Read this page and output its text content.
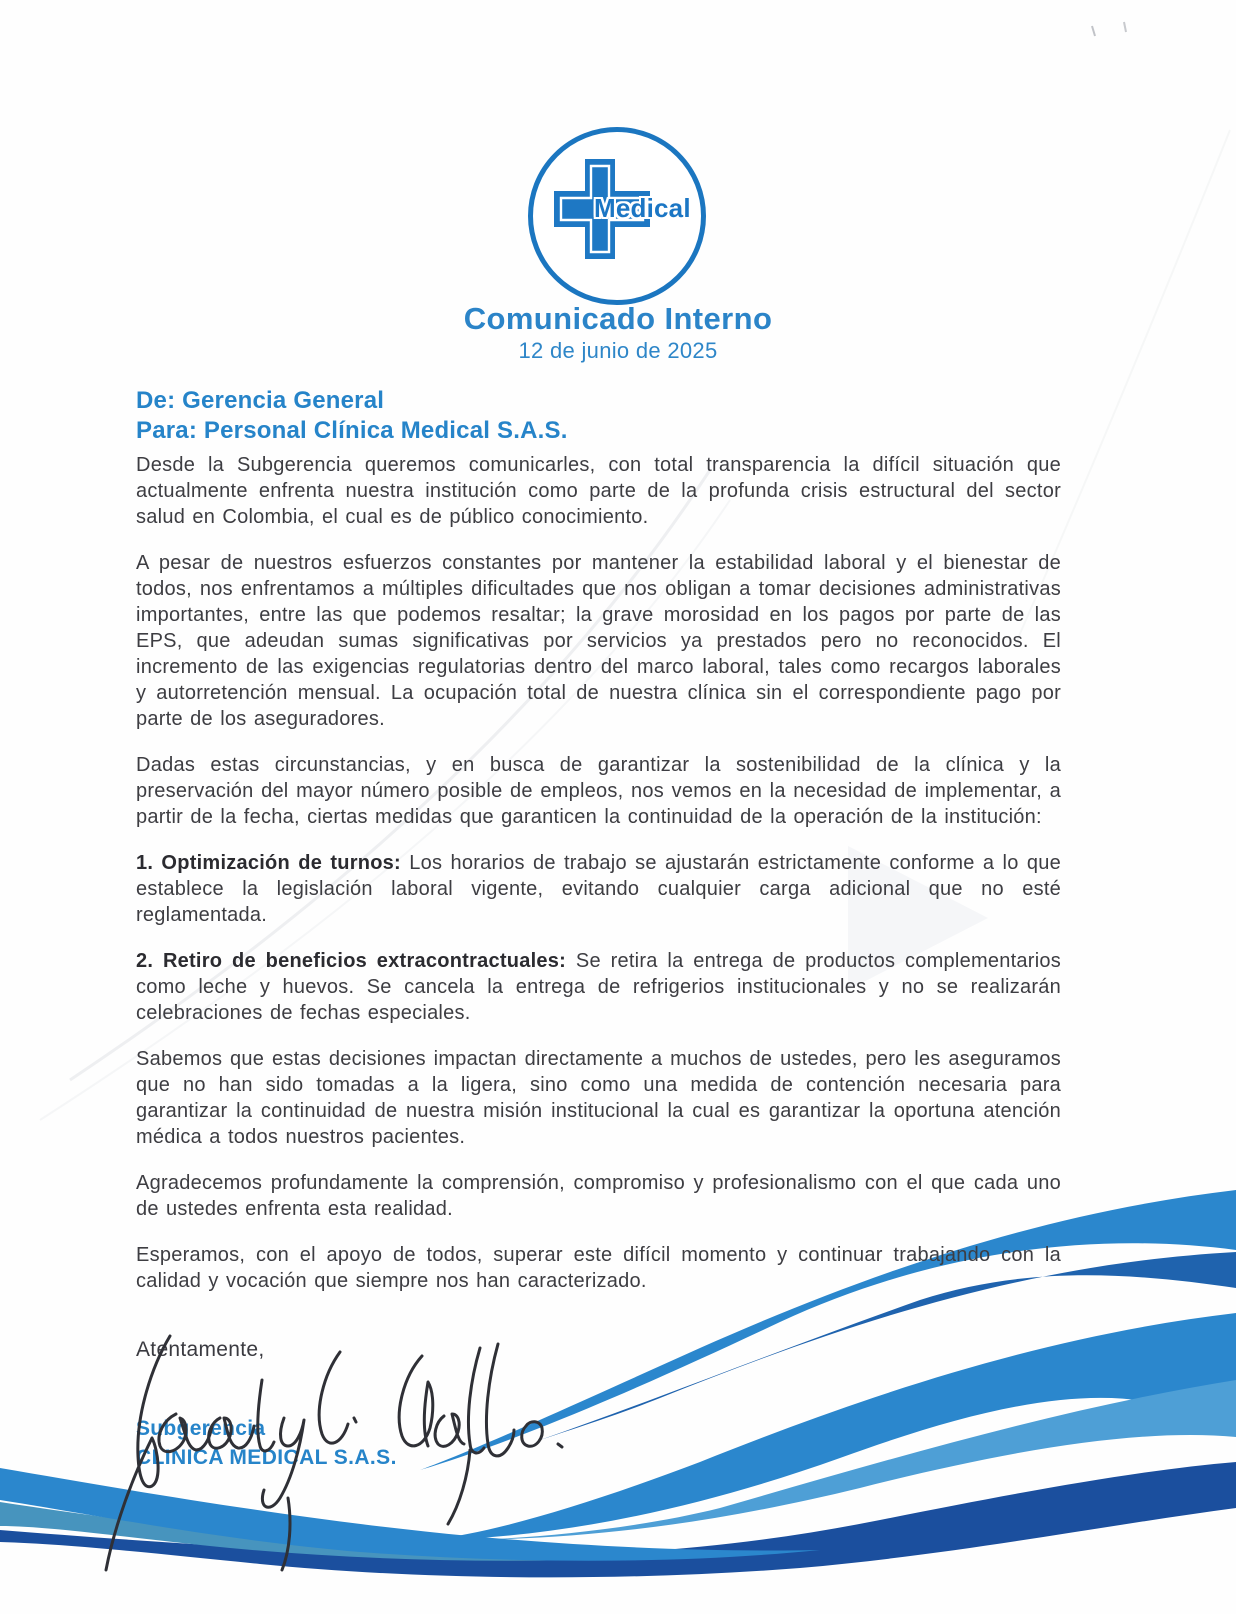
Medical
Comunicado Interno
12 de junio de 2025
De: Gerencia General
Para: Personal Clínica Medical S.A.S.

Desde la Subgerencia queremos comunicarles, con total transparencia la difícil situación que actualmente enfrenta nuestra institución como parte de la profunda crisis estructural del sector salud en Colombia, el cual es de público conocimiento.

A pesar de nuestros esfuerzos constantes por mantener la estabilidad laboral y el bienestar de todos, nos enfrentamos a múltiples dificultades que nos obligan a tomar decisiones administrativas importantes, entre las que podemos resaltar; la grave morosidad en los pagos por parte de las EPS, que adeudan sumas significativas por servicios ya prestados pero no reconocidos. El incremento de las exigencias regulatorias dentro del marco laboral, tales como recargos laborales y autorretención mensual. La ocupación total de nuestra clínica sin el correspondiente pago por parte de los aseguradores.

Dadas estas circunstancias, y en busca de garantizar la sostenibilidad de la clínica y la preservación del mayor número posible de empleos, nos vemos en la necesidad de implementar, a partir de la fecha, ciertas medidas que garanticen la continuidad de la operación de la institución:

1. Optimización de turnos: Los horarios de trabajo se ajustarán estrictamente conforme a lo que establece la legislación laboral vigente, evitando cualquier carga adicional que no esté reglamentada.

2. Retiro de beneficios extracontractuales: Se retira la entrega de productos complementarios como leche y huevos. Se cancela la entrega de refrigerios institucionales y no se realizarán celebraciones de fechas especiales.

Sabemos que estas decisiones impactan directamente a muchos de ustedes, pero les aseguramos que no han sido tomadas a la ligera, sino como una medida de contención necesaria para garantizar la continuidad de nuestra misión institucional la cual es garantizar la oportuna atención médica a todos nuestros pacientes.

Agradecemos profundamente la comprensión, compromiso y profesionalismo con el que cada uno de ustedes enfrenta esta realidad.

Esperamos, con el apoyo de todos, superar este difícil momento y continuar trabajando con la calidad y vocación que siempre nos han caracterizado.

Atentamente,
Subgerencia
CLINICA MEDICAL S.A.S.
